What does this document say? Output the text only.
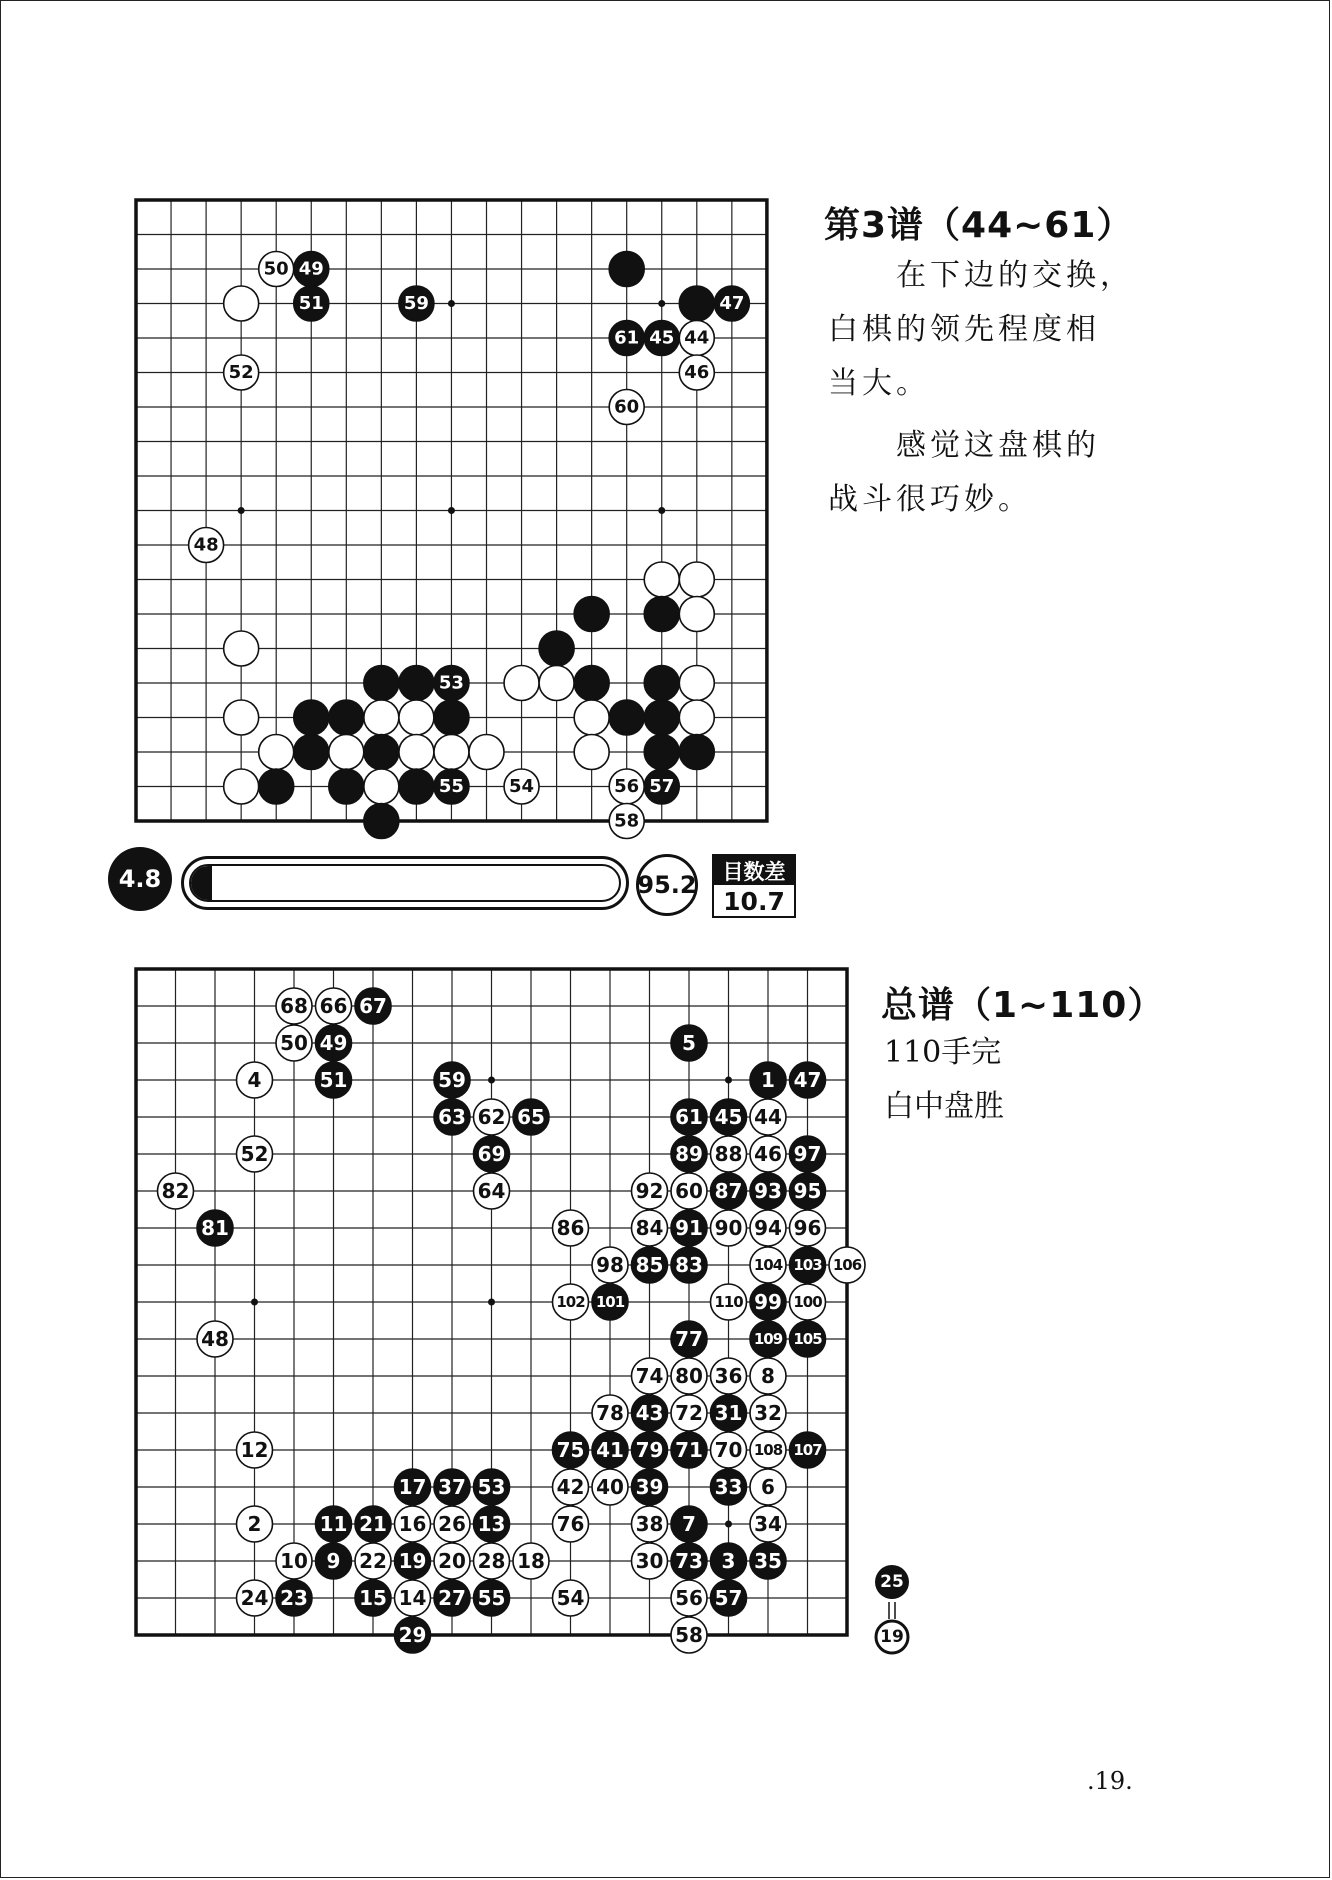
50 49
51	59	47
61 45 44
52	46
60
48
53
55	54	56 57
58
第3谱（44~61）
在下边的交换，
白棋的领先程度相
当大。
感觉这盘棋的
战斗很巧妙。
4.8	95.2	目数差
10.7
68 66 67
50 49	5
4	51	59	1 47
63 62 65	61 45 44
52	69	89 88 46 97
82	64	92 60 87 93 95
81	86	84 91 90 94 96
98 85 83	104 103 106
102 101	110 99 100
48	77	109 105
74 80 36 8
78 43 72 31 32
12	75 41 79 71 70 108 107
17 37 53	42 40 39	33 6
2	11 21 16 26 13	76	38 7	34
10 9 22 19 20 28 18	30 73 3 35
24 23	15 14 27 55	54	56 57
29	58
总谱（1~110）
110手完
白中盘胜
25
19
.19.
